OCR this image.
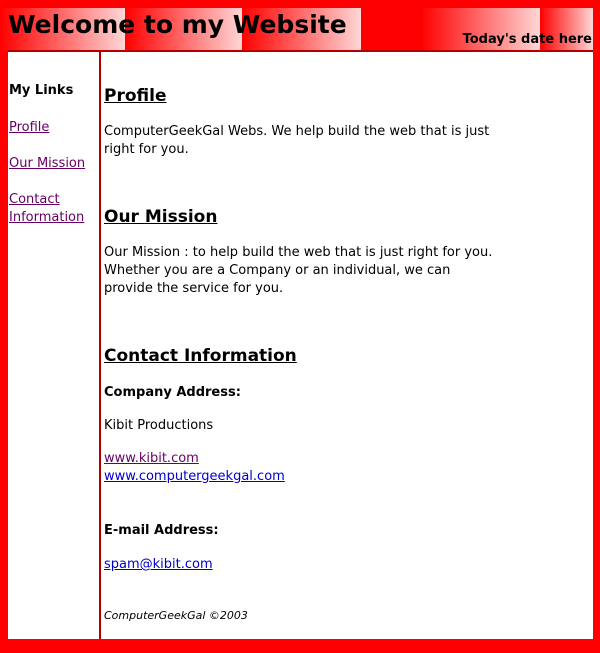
Welcome to my Website
Today's date here
My Links
Profile
Our Mission
Contact Information
Profile

ComputerGeekGal Webs. We help build the web that is just right for you.

Our Mission

Our Mission : to help build the web that is just right for you. Whether you are a Company or an individual, we can provide the service for you.

Contact Information
Company Address:
Kibit Productions
www.kibit.com
www.computergeekgal.com
E-mail Address:
spam@kibit.com
ComputerGeekGal ©2003
